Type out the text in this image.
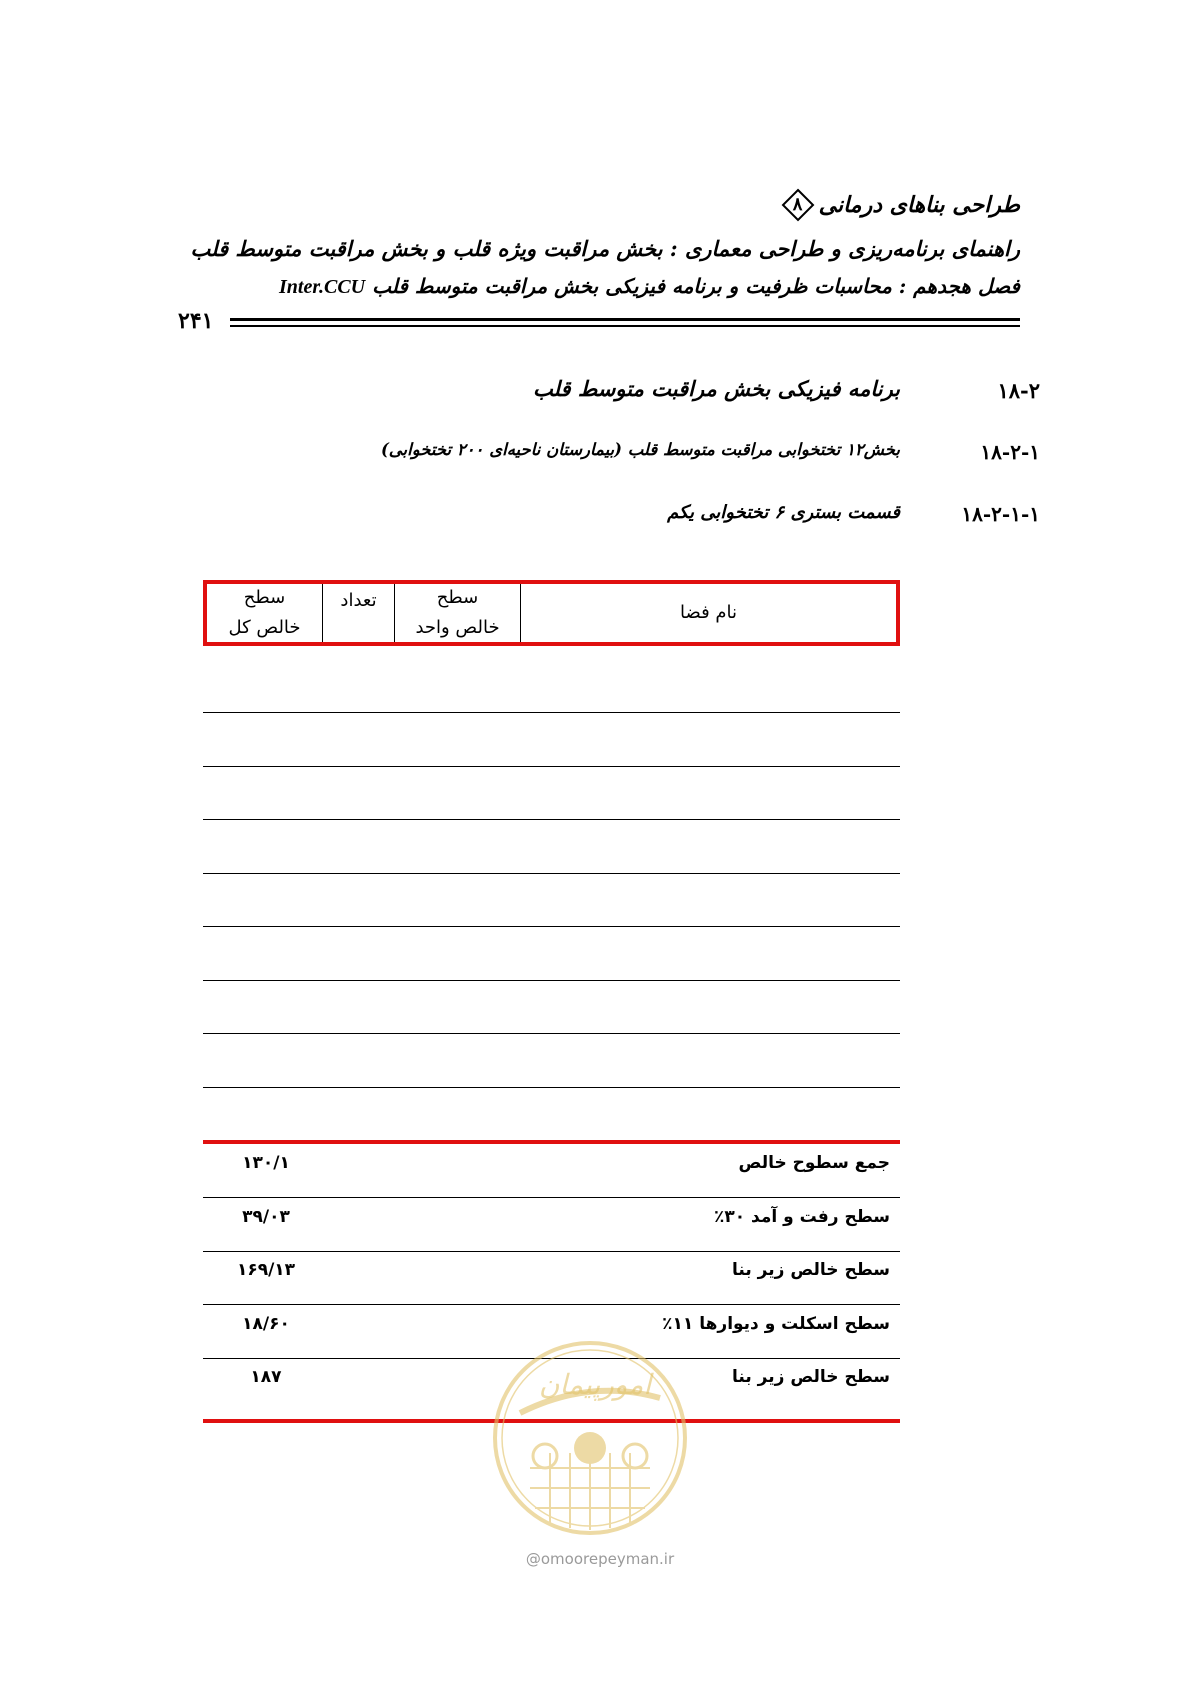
طراحی بناهای درمانی
۸
راهنمای برنامه‌ریزی و طراحی معماری : بخش مراقبت ویژه قلب و بخش مراقبت متوسط قلب
فصل هجدهم : محاسبات ظرفیت و برنامه فیزیکی بخش مراقبت متوسط قلب Inter.CCU
۲۴۱
۱۸-۲
برنامه فیزیکی بخش مراقبت متوسط قلب
۱۸-۲-۱
بخش۱۲ تختخوابی مراقبت متوسط قلب (بیمارستان ناحیه‌ای ۲۰۰ تختخوابی)
۱۸-۲-۱-۱
قسمت بستری ۶ تختخوابی یکم
نام فضا
سطح
خالص واحد
تعداد
سطح
خالص کل
جمع سطوح خالص
۱۳۰/۱
سطح رفت و آمد ۳۰٪
۳۹/۰۳
سطح خالص زیر بنا
۱۶۹/۱۳
سطح اسکلت و دیوارها ۱۱٪
۱۸/۶۰
سطح خالص زیر بنا
۱۸۷	امورپیمان
@omoorepeyman.ir
